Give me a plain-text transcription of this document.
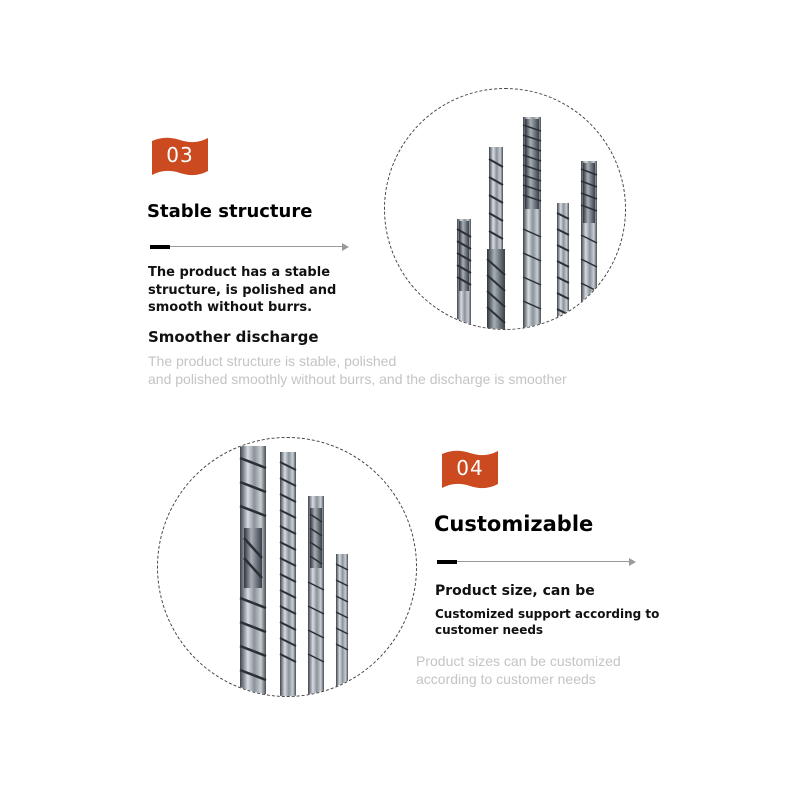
03
Stable structure
The product has a stable structure, is polished and smooth without burrs.
Smoother discharge
The product structure is stable, polished
and polished smoothly without burrs, and the discharge is smoother
04
Customizable
Product size, can be
Customized support according to customer needs
Product sizes can be customized
according to customer needs
